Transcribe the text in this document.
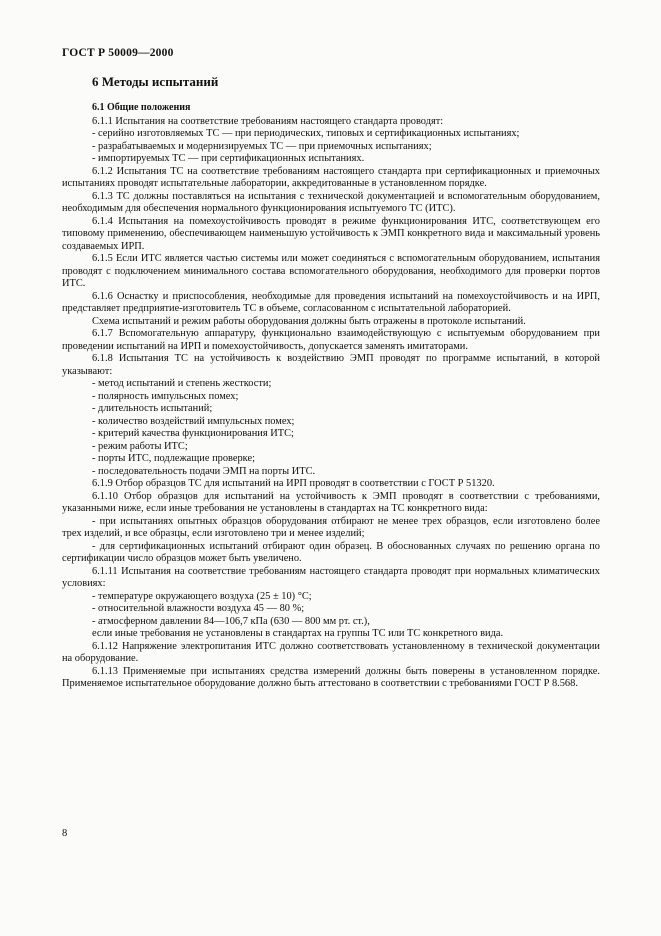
ГОСТ Р 50009—2000
6 Методы испытаний
6.1 Общие положения

6.1.1 Испытания на соответствие требованиям настоящего стандарта проводят:

- серийно изготовляемых ТС — при периодических, типовых и сертификационных испытаниях;

- разрабатываемых и модернизируемых ТС — при приемочных испытаниях;

- импортируемых ТС — при сертификационных испытаниях.

6.1.2 Испытания ТС на соответствие требованиям настоящего стандарта при сертификационных и приемочных испытаниях проводят испытательные лаборатории, аккредитованные в установленном порядке.

6.1.3 ТС должны поставляться на испытания с технической документацией и вспомогательным оборудованием, необходимым для обеспечения нормального функционирования испытуемого ТС (ИТС).

6.1.4 Испытания на помехоустойчивость проводят в режиме функционирования ИТС, соответствующем его типовому применению, обеспечивающем наименьшую устойчивость к ЭМП конкретного вида и максимальный уровень создаваемых ИРП.

6.1.5 Если ИТС является частью системы или может соединяться с вспомогательным оборудованием, испытания проводят с подключением минимального состава вспомогательного оборудования, необходимого для проверки портов ИТС.

6.1.6 Оснастку и приспособления, необходимые для проведения испытаний на помехоустойчивость и на ИРП, представляет предприятие-изготовитель ТС в объеме, согласованном с испытательной лабораторией.

Схема испытаний и режим работы оборудования должны быть отражены в протоколе испытаний.

6.1.7 Вспомогательную аппаратуру, функционально взаимодействующую с испытуемым оборудованием при проведении испытаний на ИРП и помехоустойчивость, допускается заменять имитаторами.

6.1.8 Испытания ТС на устойчивость к воздействию ЭМП проводят по программе испытаний, в которой указывают:

- метод испытаний и степень жесткости;

- полярность импульсных помех;

- длительность испытаний;

- количество воздействий импульсных помех;

- критерий качества функционирования ИТС;

- режим работы ИТС;

- порты ИТС, подлежащие проверке;

- последовательность подачи ЭМП на порты ИТС.

6.1.9 Отбор образцов ТС для испытаний на ИРП проводят в соответствии с ГОСТ Р 51320.

6.1.10 Отбор образцов для испытаний на устойчивость к ЭМП проводят в соответствии с требованиями, указанными ниже, если иные требования не установлены в стандартах на ТС конкретного вида:

- при испытаниях опытных образцов оборудования отбирают не менее трех образцов, если изготовлено более трех изделий, и все образцы, если изготовлено три и менее изделий;

- для сертификационных испытаний отбирают один образец. В обоснованных случаях по решению органа по сертификации число образцов может быть увеличено.

6.1.11 Испытания на соответствие требованиям настоящего стандарта проводят при нормальных климатических условиях:

- температуре окружающего воздуха (25 ± 10) °С;

- относительной влажности воздуха 45 — 80 %;

- атмосферном давлении 84—106,7 кПа (630 — 800 мм рт. ст.),

если иные требования не установлены в стандартах на группы ТС или ТС конкретного вида.

6.1.12 Напряжение электропитания ИТС должно соответствовать установленному в технической документации на оборудование.

6.1.13 Применяемые при испытаниях средства измерений должны быть поверены в установленном порядке. Применяемое испытательное оборудование должно быть аттестовано в соответствии с требованиями ГОСТ Р 8.568.

8
